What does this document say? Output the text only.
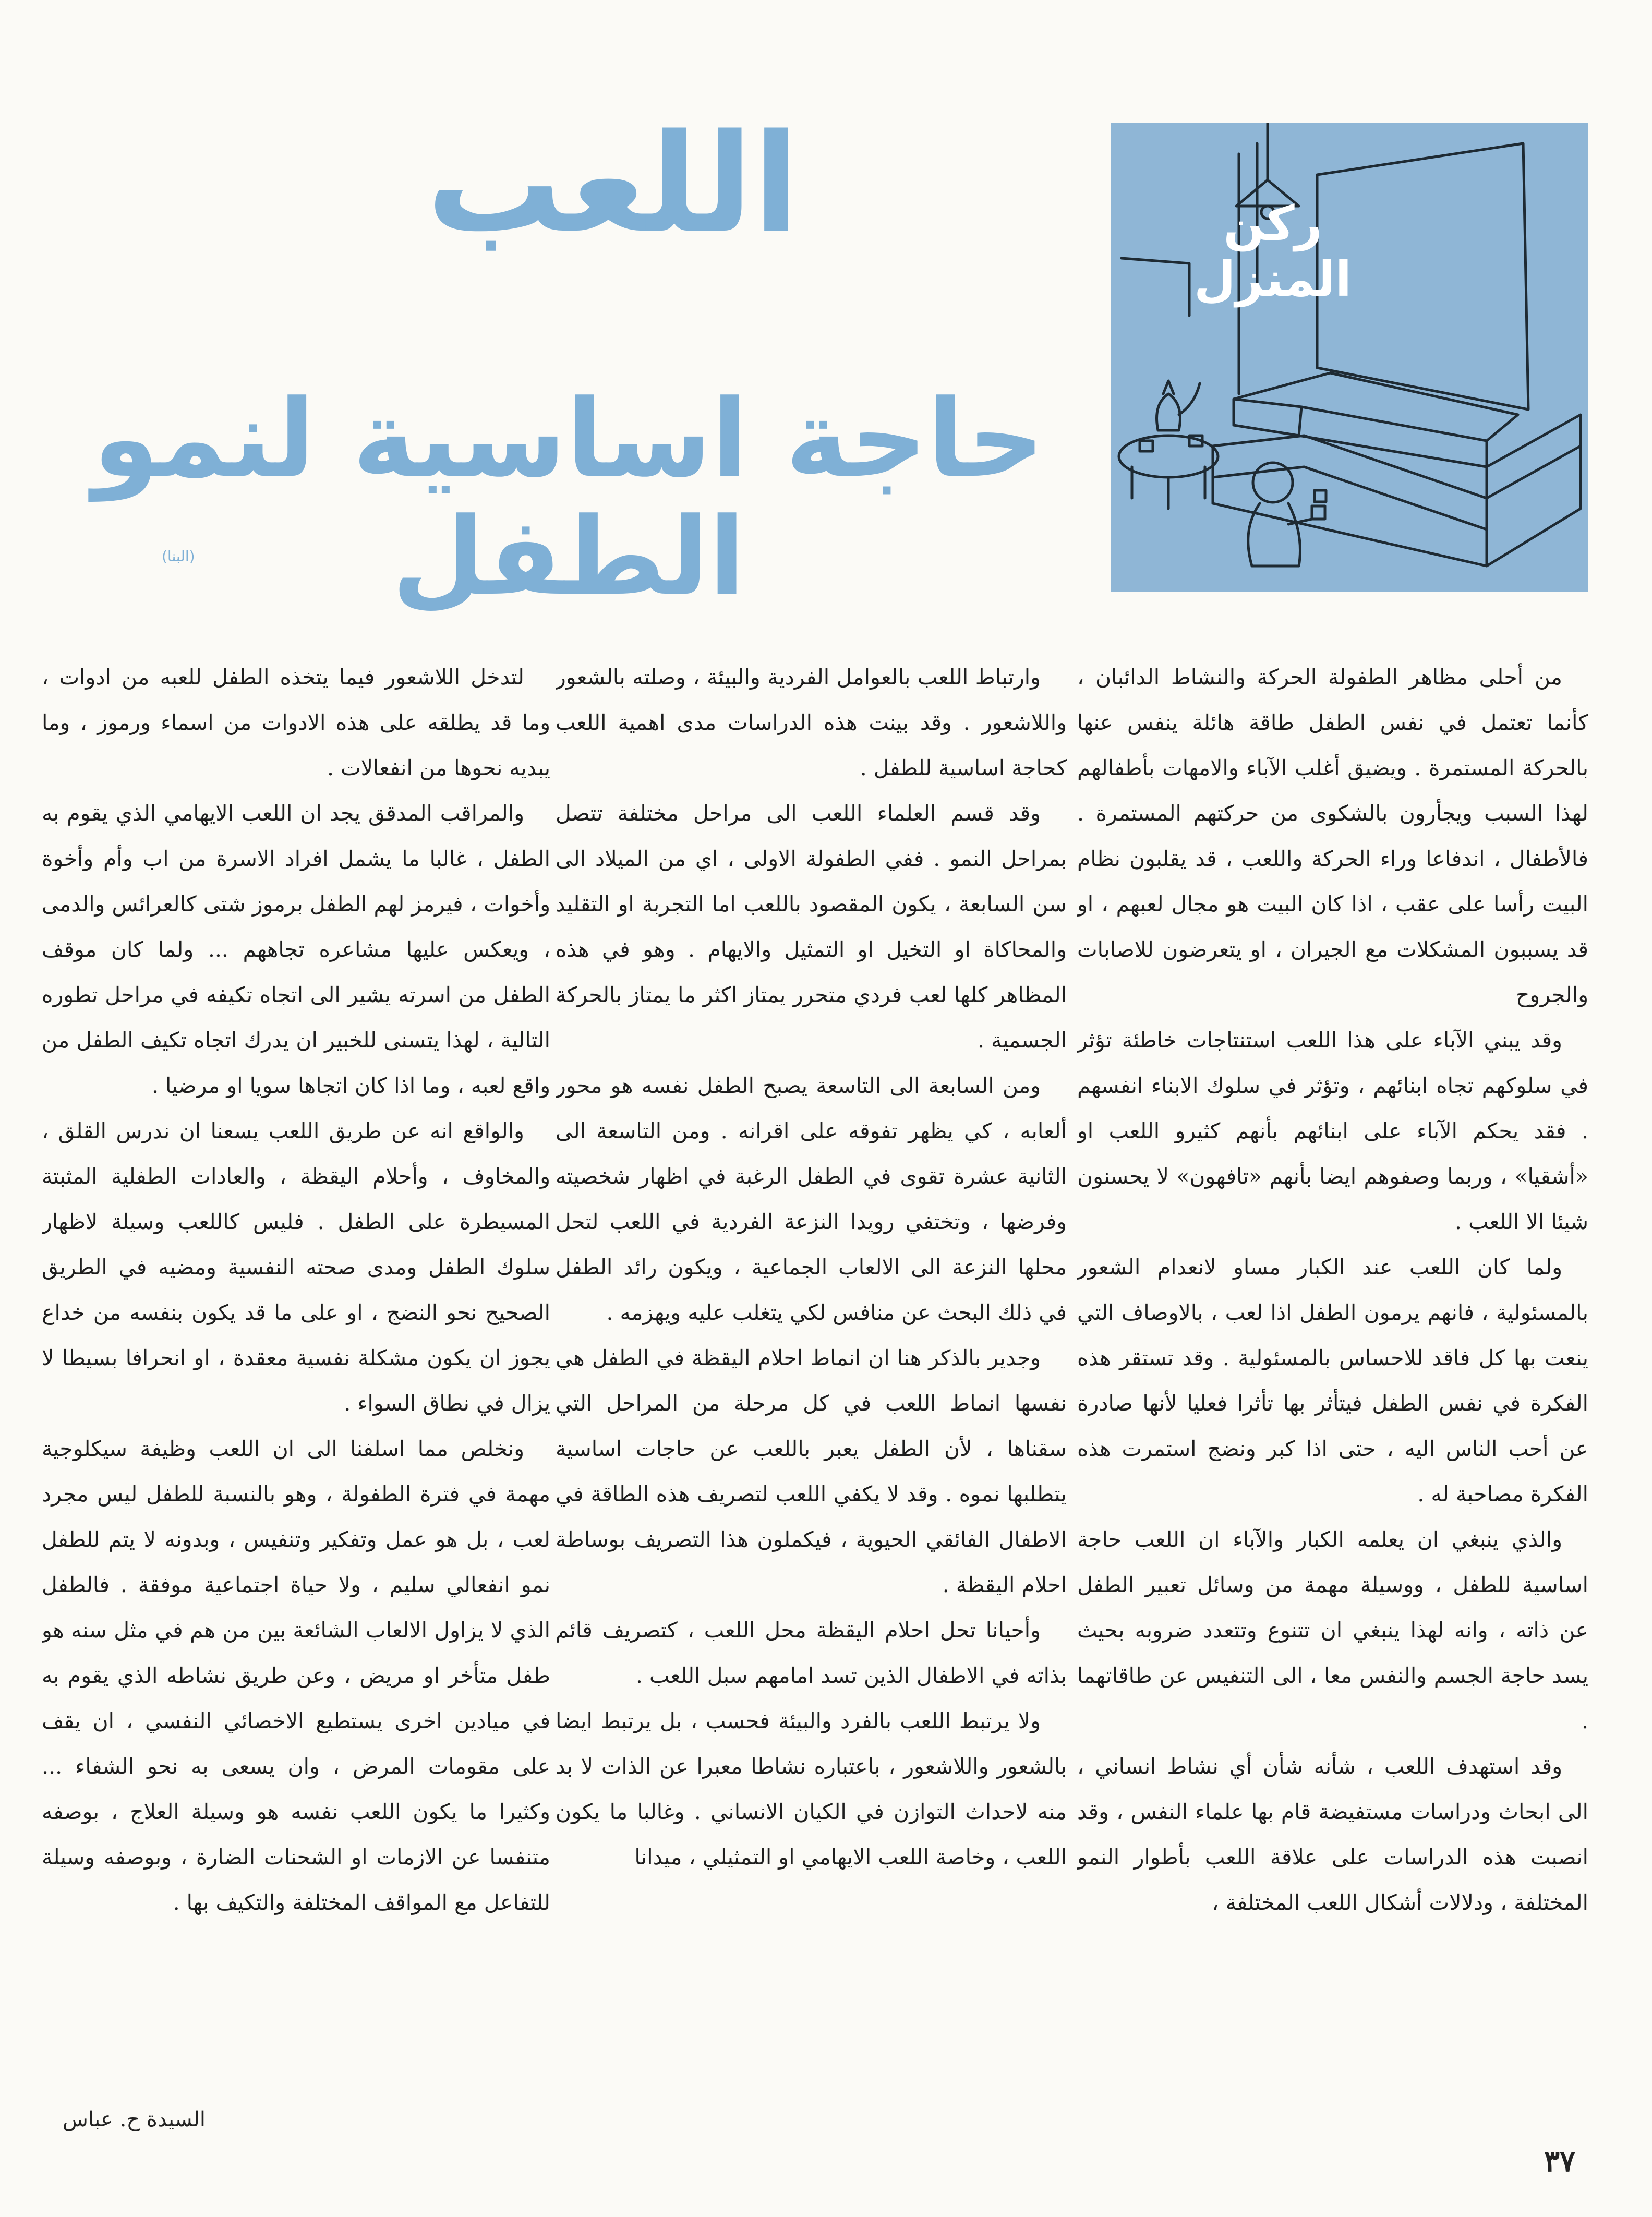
ركن المنزل
اللعب
حاجة اساسية لنمو الطفل
(البنا)

من أحلى مظاهر الطفولة الحركة والنشاط الدائبان ، كأنما تعتمل في نفس الطفل طاقة هائلة ينفس عنها بالحركة المستمرة . ويضيق أغلب الآباء والامهات بأطفالهم لهذا السبب ويجأرون بالشكوى من حركتهم المستمرة . فالأطفال ، اندفاعا وراء الحركة واللعب ، قد يقلبون نظام البيت رأسا على عقب ، اذا كان البيت هو مجال لعبهم ، او قد يسببون المشكلات مع الجيران ، او يتعرضون للاصابات والجروح

وقد يبني الآباء على هذا اللعب استنتاجات خاطئة تؤثر في سلوكهم تجاه ابنائهم ، وتؤثر في سلوك الابناء انفسهم . فقد يحكم الآباء على ابنائهم بأنهم كثيرو اللعب او «أشقيا» ، وربما وصفوهم ايضا بأنهم «تافهون» لا يحسنون شيئا الا اللعب .

ولما كان اللعب عند الكبار مساو لانعدام الشعور بالمسئولية ، فانهم يرمون الطفل اذا لعب ، بالاوصاف التي ينعت بها كل فاقد للاحساس بالمسئولية . وقد تستقر هذه الفكرة في نفس الطفل فيتأثر بها تأثرا فعليا لأنها صادرة عن أحب الناس اليه ، حتى اذا كبر ونضج استمرت هذه الفكرة مصاحبة له .

والذي ينبغي ان يعلمه الكبار والآباء ان اللعب حاجة اساسية للطفل ، ووسيلة مهمة من وسائل تعبير الطفل عن ذاته ، وانه لهذا ينبغي ان تتنوع وتتعدد ضروبه بحيث يسد حاجة الجسم والنفس معا ، الى التنفيس عن طاقاتهما .

وقد استهدف اللعب ، شأنه شأن أي نشاط انساني ، الى ابحاث ودراسات مستفيضة قام بها علماء النفس ، وقد انصبت هذه الدراسات على علاقة اللعب بأطوار النمو المختلفة ، ودلالات أشكال اللعب المختلفة ،

وارتباط اللعب بالعوامل الفردية والبيئة ، وصلته بالشعور واللاشعور . وقد بينت هذه الدراسات مدى اهمية اللعب كحاجة اساسية للطفل .

وقد قسم العلماء اللعب الى مراحل مختلفة تتصل بمراحل النمو . ففي الطفولة الاولى ، اي من الميلاد الى سن السابعة ، يكون المقصود باللعب اما التجربة او التقليد والمحاكاة او التخيل او التمثيل والايهام . وهو في هذه المظاهر كلها لعب فردي متحرر يمتاز اكثر ما يمتاز بالحركة الجسمية .

ومن السابعة الى التاسعة يصبح الطفل نفسه هو محور ألعابه ، كي يظهر تفوقه على اقرانه . ومن التاسعة الى الثانية عشرة تقوى في الطفل الرغبة في اظهار شخصيته وفرضها ، وتختفي رويدا النزعة الفردية في اللعب لتحل محلها النزعة الى الالعاب الجماعية ، ويكون رائد الطفل في ذلك البحث عن منافس لكي يتغلب عليه ويهزمه .

وجدير بالذكر هنا ان انماط احلام اليقظة في الطفل هي نفسها انماط اللعب في كل مرحلة من المراحل التي سقناها ، لأن الطفل يعبر باللعب عن حاجات اساسية يتطلبها نموه . وقد لا يكفي اللعب لتصريف هذه الطاقة في الاطفال الفائقي الحيوية ، فيكملون هذا التصريف بوساطة احلام اليقظة .

وأحيانا تحل احلام اليقظة محل اللعب ، كتصريف قائم بذاته في الاطفال الذين تسد امامهم سبل اللعب .

ولا يرتبط اللعب بالفرد والبيئة فحسب ، بل يرتبط ايضا بالشعور واللاشعور ، باعتباره نشاطا معبرا عن الذات لا بد منه لاحداث التوازن في الكيان الانساني . وغالبا ما يكون اللعب ، وخاصة اللعب الايهامي او التمثيلي ، ميدانا

لتدخل اللاشعور فيما يتخذه الطفل للعبه من ادوات ، وما قد يطلقه على هذه الادوات من اسماء ورموز ، وما يبديه نحوها من انفعالات .

والمراقب المدقق يجد ان اللعب الايهامي الذي يقوم به الطفل ، غالبا ما يشمل افراد الاسرة من اب وأم وأخوة وأخوات ، فيرمز لهم الطفل برموز شتى كالعرائس والدمى ، ويعكس عليها مشاعره تجاههم ... ولما كان موقف الطفل من اسرته يشير الى اتجاه تكيفه في مراحل تطوره التالية ، لهذا يتسنى للخبير ان يدرك اتجاه تكيف الطفل من واقع لعبه ، وما اذا كان اتجاها سويا او مرضيا .

والواقع انه عن طريق اللعب يسعنا ان ندرس القلق ، والمخاوف ، وأحلام اليقظة ، والعادات الطفلية المثبتة المسيطرة على الطفل . فليس كاللعب وسيلة لاظهار سلوك الطفل ومدى صحته النفسية ومضيه في الطريق الصحيح نحو النضج ، او على ما قد يكون بنفسه من خداع يجوز ان يكون مشكلة نفسية معقدة ، او انحرافا بسيطا لا يزال في نطاق السواء .

ونخلص مما اسلفنا الى ان اللعب وظيفة سيكلوجية مهمة في فترة الطفولة ، وهو بالنسبة للطفل ليس مجرد لعب ، بل هو عمل وتفكير وتنفيس ، وبدونه لا يتم للطفل نمو انفعالي سليم ، ولا حياة اجتماعية موفقة . فالطفل الذي لا يزاول الالعاب الشائعة بين من هم في مثل سنه هو طفل متأخر او مريض ، وعن طريق نشاطه الذي يقوم به في ميادين اخرى يستطيع الاخصائي النفسي ، ان يقف على مقومات المرض ، وان يسعى به نحو الشفاء ... وكثيرا ما يكون اللعب نفسه هو وسيلة العلاج ، بوصفه متنفسا عن الازمات او الشحنات الضارة ، وبوصفه وسيلة للتفاعل مع المواقف المختلفة والتكيف بها .

السيدة ح. عباس
٣٧
